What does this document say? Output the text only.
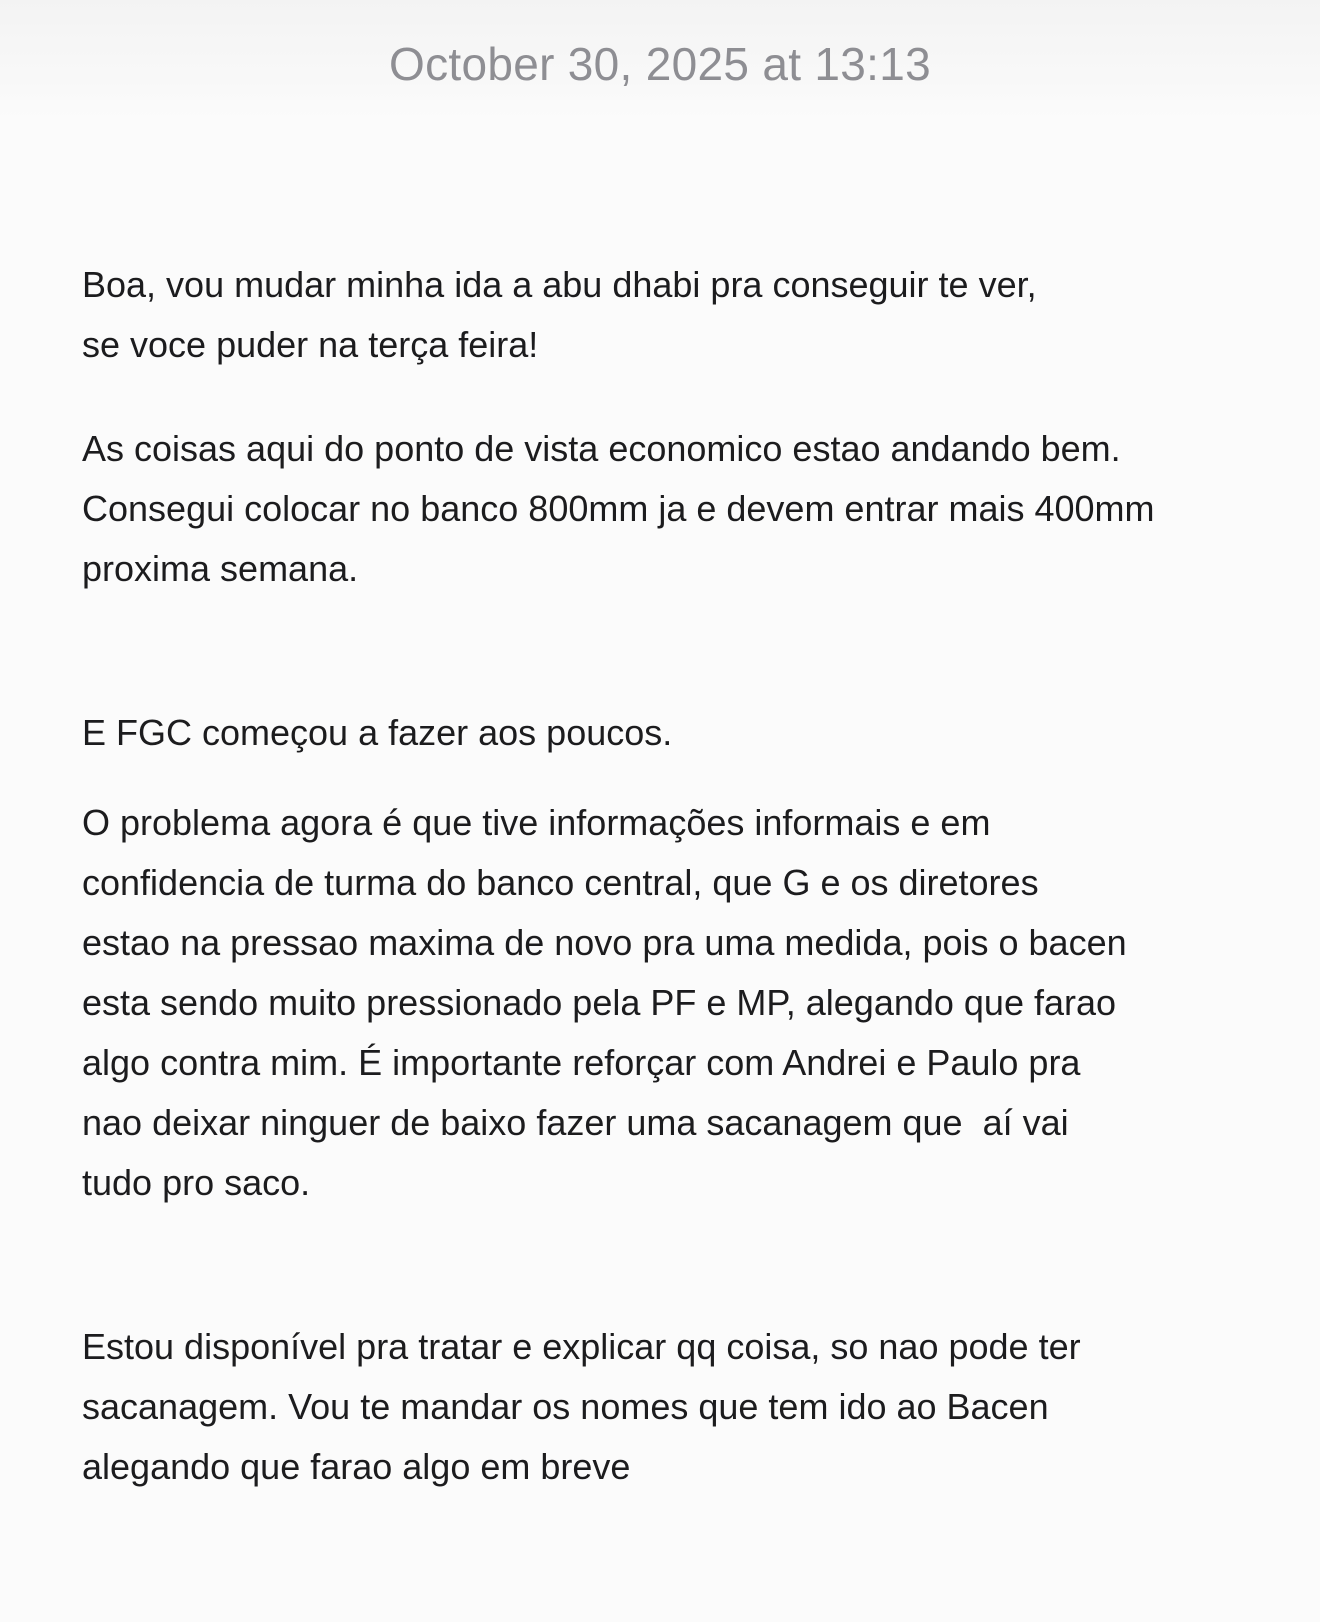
October 30, 2025 at 13:13

Boa, vou mudar minha ida a abu dhabi pra conseguir te ver,
se voce puder na terça feira!

As coisas aqui do ponto de vista economico estao andando bem.
Consegui colocar no banco 800mm ja e devem entrar mais 400mm
proxima semana.

E FGC começou a fazer aos poucos.

O problema agora é que tive informações informais e em
confidencia de turma do banco central, que G e os diretores
estao na pressao maxima de novo pra uma medida, pois o bacen
esta sendo muito pressionado pela PF e MP, alegando que farao
algo contra mim. É importante reforçar com Andrei e Paulo pra
nao deixar ninguer de baixo fazer uma sacanagem que  aí vai
tudo pro saco.

Estou disponível pra tratar e explicar qq coisa, so nao pode ter
sacanagem. Vou te mandar os nomes que tem ido ao Bacen
alegando que farao algo em breve
